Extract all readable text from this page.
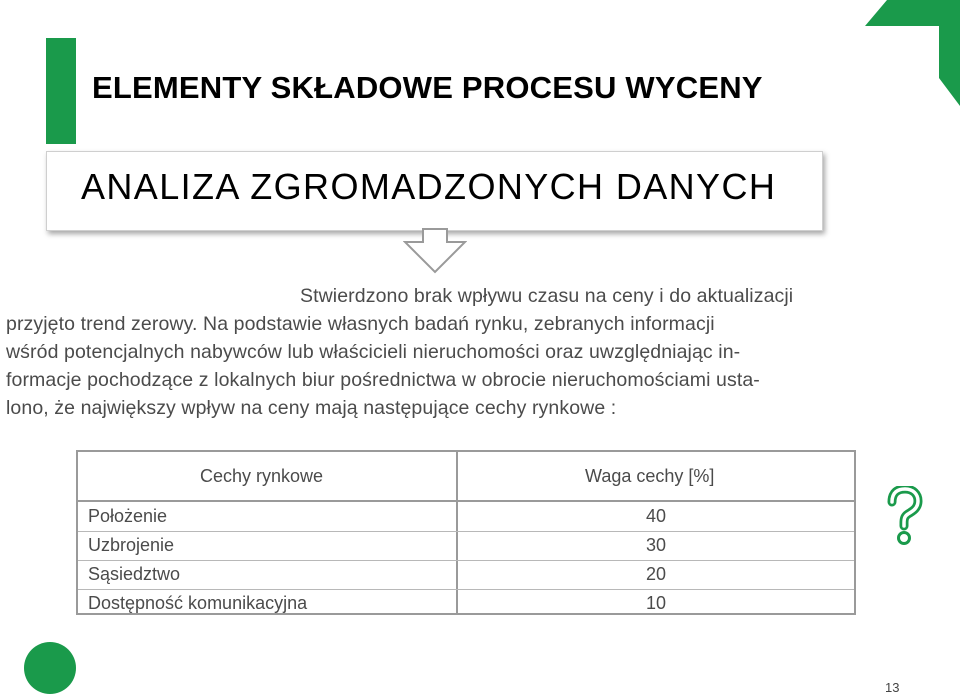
ELEMENTY SKŁADOWE PROCESU WYCENY
ANALIZA ZGROMADZONYCH DANYCH

Stwierdzono brak wpływu czasu na ceny i do aktualizacji

przyjęto trend zerowy. Na podstawie własnych badań rynku, zebranych informacji

wśród potencjalnych nabywców lub właścicieli nieruchomości oraz uwzględniając in-

formacje pochodzące z lokalnych biur pośrednictwa w obrocie nieruchomościami usta-

lono, że największy wpływ na ceny mają następujące cechy rynkowe :

Cechy rynkowe	Waga cechy [%]
Położenie	40
Uzbrojenie	30
Sąsiedztwo	20
Dostępność komunikacyjna	10
13
